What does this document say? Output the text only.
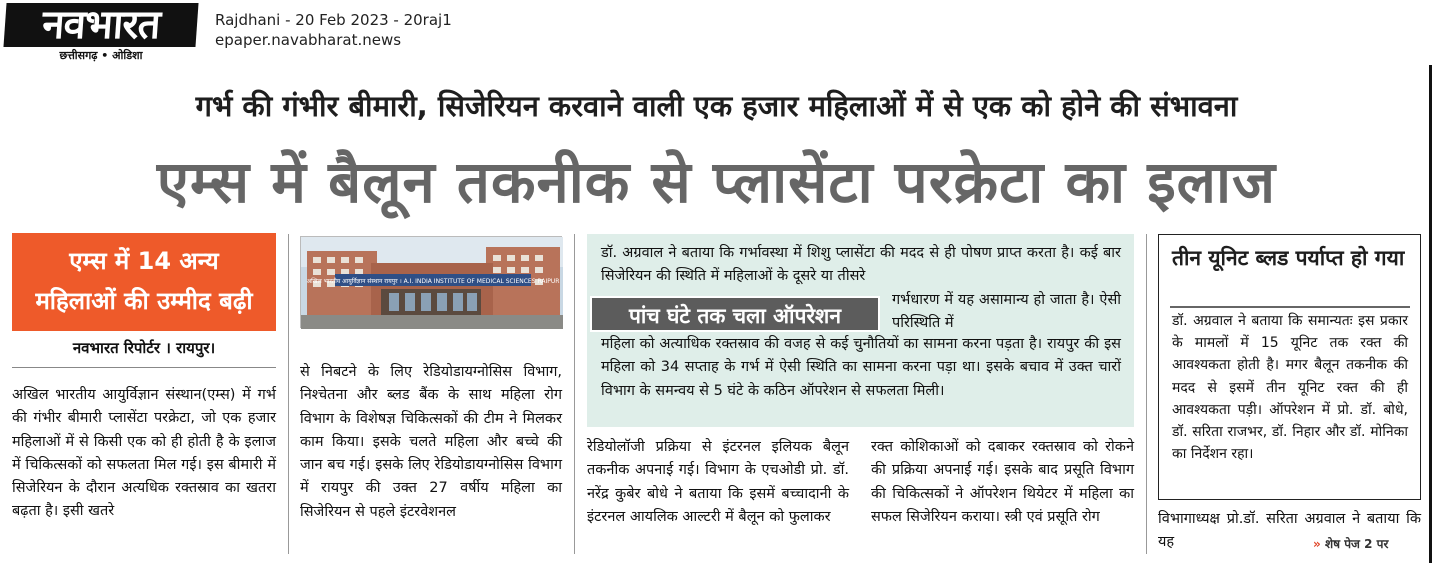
नवभारत
छत्तीसगढ़ • ओडिशा
Rajdhani - 20 Feb 2023 - 20raj1
epaper.navabharat.news
गर्भ की गंभीर बीमारी, सिजेरियन करवाने वाली एक हजार महिलाओं में से एक को होने की संभावना
एम्स में बैलून तकनीक से प्लासेंटा परक्रेटा का इलाज
एम्स में 14 अन्य
महिलाओं की उम्मीद बढ़ी
नवभारत रिपोर्टर । रायपुर।
अखिल भारतीय आयुर्विज्ञान संस्थान(एम्स) में गर्भ की गंभीर बीमारी प्लासेंटा परक्रेटा, जो एक हजार महिलाओं में से किसी एक को ही होती है के इलाज में चिकित्सकों को सफलता मिल गई। इस बीमारी में सिजेरियन के दौरान अत्यधिक रक्तस्राव का खतरा बढ़ता है। इसी खतरे
अखिल भारतीय आयुर्विज्ञान संस्थान रायपुर । A.I. INDIA INSTITUTE OF MEDICAL SCIENCES RAIPUR
से निबटने के लिए रेडियोडायग्नोसिस विभाग, निश्चेतना और ब्लड बैंक के साथ महिला रोग विभाग के विशेषज्ञ चिकित्सकों की टीम ने मिलकर काम किया। इसके चलते महिला और बच्चे की जान बच गई। इसके लिए रेडियोडायग्नोसिस विभाग में रायपुर की उक्त 27 वर्षीय महिला का सिजेरियन से पहले इंटरवेशनल
डॉ. अग्रवाल ने बताया कि गर्भावस्था में शिशु प्लासेंटा की मदद से ही पोषण प्राप्त करता है। कई बार सिजेरियन की स्थिति में महिलाओं के दूसरे या तीसरे
गर्भधारण में यह असामान्य हो जाता है। ऐसी परिस्थिति में
महिला को अत्याधिक रक्तस्राव की वजह से कई चुनौतियों का सामना करना पड़ता है। रायपुर की इस महिला को 34 सप्ताह के गर्भ में ऐसी स्थिति का सामना करना पड़ा था। इसके बचाव में उक्त चारों विभाग के समन्वय से 5 घंटे के कठिन ऑपरेशन से सफलता मिली।
पांच घंटे तक चला ऑपरेशन
रेडियोलॉजी प्रक्रिया से इंटरनल इलियक बैलून तकनीक अपनाई गई। विभाग के एचओडी प्रो. डॉ. नरेंद्र कुबेर बोधे ने बताया कि इसमें बच्चादानी के इंटरनल आयलिक आल्टरी में बैलून को फुलाकर
रक्त कोशिकाओं को दबाकर रक्तस्राव को रोकने की प्रक्रिया अपनाई गई। इसके बाद प्रसूति विभाग की चिकित्सकों ने ऑपरेशन थियेटर में महिला का सफल सिजेरियन कराया। स्त्री एवं प्रसूति रोग
तीन यूनिट ब्लड पर्याप्त हो गया
डॉ. अग्रवाल ने बताया कि समान्यतः इस प्रकार के मामलों में 15 यूनिट तक रक्त की आवश्यकता होती है। मगर बैलून तकनीक की मदद से इसमें तीन यूनिट रक्त की ही आवश्यकता पड़ी। ऑपरेशन में प्रो. डॉ. बोधे, डॉ. सरिता राजभर, डॉ. निहार और डॉ. मोनिका का निर्देशन रहा।
विभागाध्यक्ष प्रो.डॉ. सरिता अग्रवाल ने बताया कि यह	» शेष पेज 2 पर
